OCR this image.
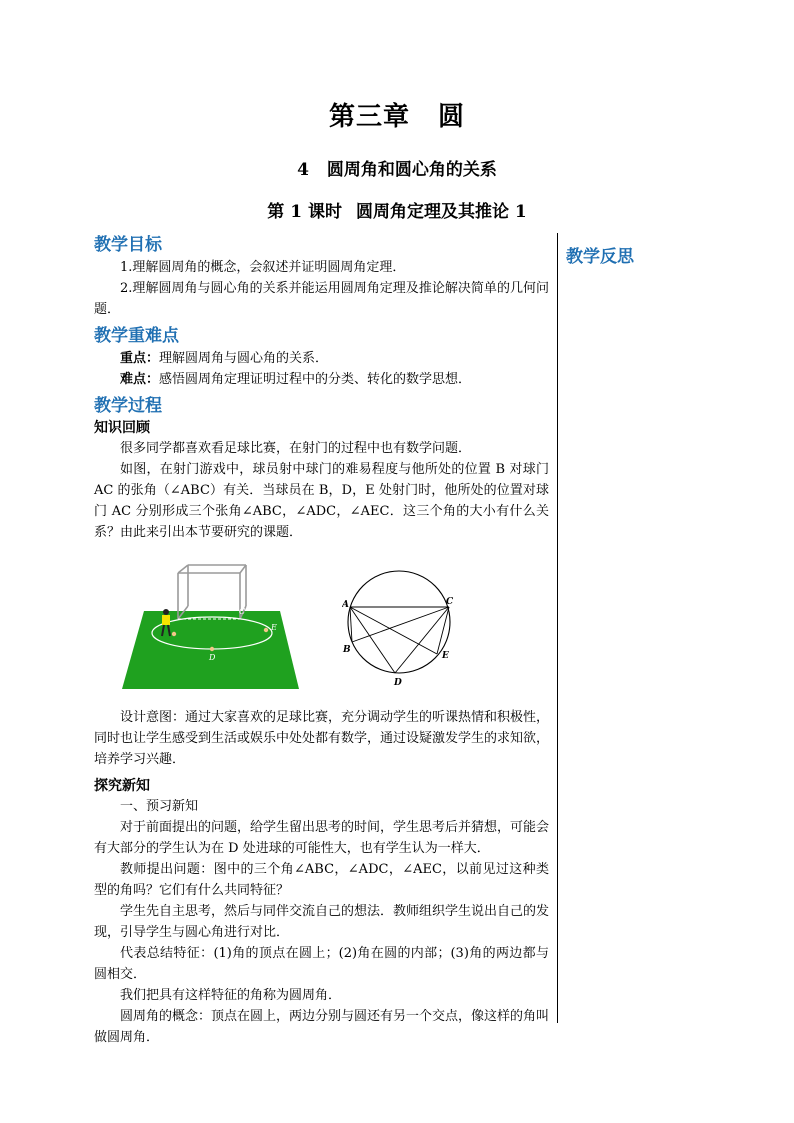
第三章 圆
4 圆周角和圆心角的关系
第 1 课时 圆周角定理及其推论 1
教学反思

教学目标

1.理解圆周角的概念，会叙述并证明圆周角定理．

2.理解圆周角与圆心角的关系并能运用圆周角定理及推论解决简单的几何问题．

教学重难点

重点：理解圆周角与圆心角的关系．

难点：感悟圆周角定理证明过程中的分类、转化的数学思想．

教学过程

知识回顾

很多同学都喜欢看足球比赛，在射门的过程中也有数学问题．

如图，在射门游戏中，球员射中球门的难易程度与他所处的位置 B 对球门 AC 的张角（∠ABC）有关．当球员在 B，D，E 处射门时，他所处的位置对球门 AC 分别形成三个张角∠ABC，∠ADC，∠AEC．这三个角的大小有什么关系？由此来引出本节要研究的课题．

C
E
D
A	C
B
E
D

设计意图：通过大家喜欢的足球比赛，充分调动学生的听课热情和积极性，同时也让学生感受到生活或娱乐中处处都有数学，通过设疑激发学生的求知欲，培养学习兴趣．

探究新知

一、预习新知

对于前面提出的问题，给学生留出思考的时间，学生思考后并猜想，可能会有大部分的学生认为在 D 处进球的可能性大，也有学生认为一样大．

教师提出问题：图中的三个角∠ABC，∠ADC，∠AEC，以前见过这种类型的角吗？它们有什么共同特征？

学生先自主思考，然后与同伴交流自己的想法．教师组织学生说出自己的发现，引导学生与圆心角进行对比．

代表总结特征：(1)角的顶点在圆上；(2)角在圆的内部；(3)角的两边都与圆相交．

我们把具有这样特征的角称为圆周角．

圆周角的概念：顶点在圆上，两边分别与圆还有另一个交点，像这样的角叫做圆周角．
